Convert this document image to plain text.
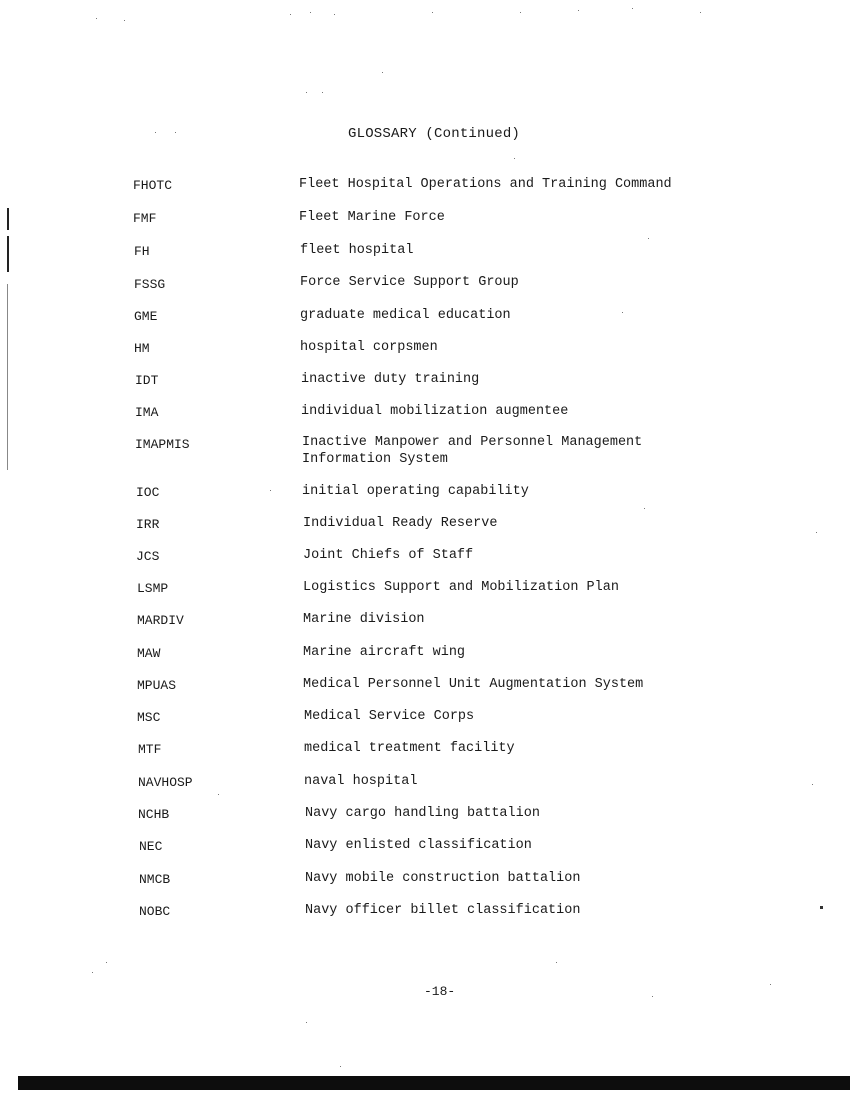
GLOSSARY (Continued)
FHOTC	Fleet Hospital Operations and Training Command
FMF	Fleet Marine Force
FH	fleet hospital
FSSG	Force Service Support Group
GME	graduate medical education
HM	hospital corpsmen
IDT	inactive duty training
IMA	individual mobilization augmentee
IMAPMIS	Inactive Manpower and Personnel Management
Information System
IOC	initial operating capability
IRR	Individual Ready Reserve
JCS	Joint Chiefs of Staff
LSMP	Logistics Support and Mobilization Plan
MARDIV	Marine division
MAW	Marine aircraft wing
MPUAS	Medical Personnel Unit Augmentation System
MSC	Medical Service Corps
MTF	medical treatment facility
NAVHOSP	naval hospital
NCHB	Navy cargo handling battalion
NEC	Navy enlisted classification
NMCB	Navy mobile construction battalion
NOBC	Navy officer billet classification
-18-
